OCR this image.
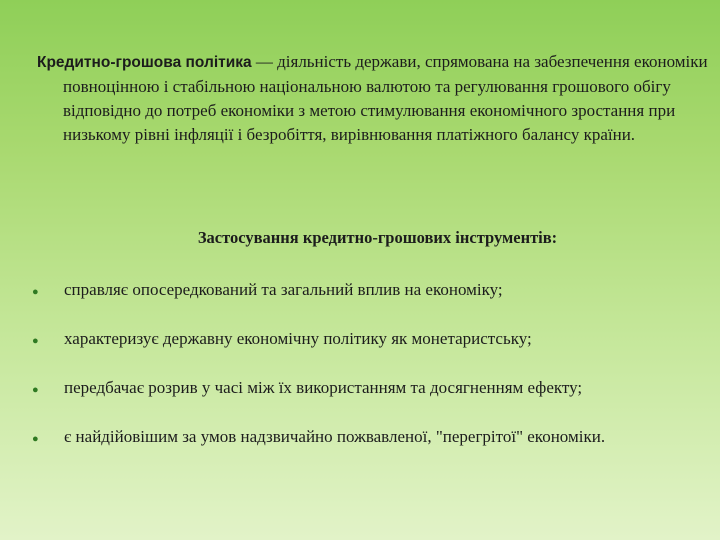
Кредитно-грошова політика — діяльність держави, спрямована на забезпечення економіки повноцінною і стабільною національною валютою та регулювання грошового обігу відповідно до потреб економіки з метою стимулювання економічного зростання при низькому рівні інфляції і безробіття, вирівнювання платіжного балансу країни.

Застосування кредитно-грошових інструментів:

● справляє опосередкований та загальний вплив на економіку;
● характеризує державну економічну політику як монетаристську;
● передбачає розрив у часі між їх використанням та досягненням ефекту;
● є найдійовішим за умов надзвичайно пожвавленої, "перегрітої" економіки.
